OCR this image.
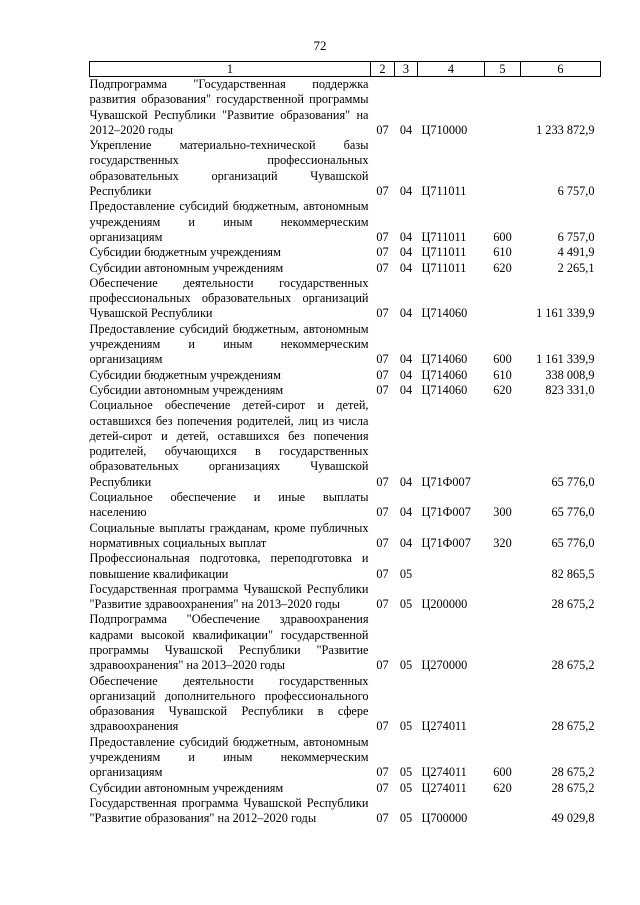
72
1	2	3	4	5	6
Подпрограмма "Государственная поддержка развития образования" государственной программы Чувашской Республики "Развитие образования" на 2012–2020 годы	07	04	Ц710000		1 233 872,9
Укрепление материально-технической базы государственных профессиональных образовательных организаций Чувашской Республики	07	04	Ц711011		6 757,0
Предоставление субсидий бюджетным, автономным учреждениям и иным некоммерческим организациям	07	04	Ц711011	600	6 757,0
Субсидии бюджетным учреждениям	07	04	Ц711011	610	4 491,9
Субсидии автономным учреждениям	07	04	Ц711011	620	2 265,1
Обеспечение деятельности государственных профессиональных образовательных организаций Чувашской Республики	07	04	Ц714060		1 161 339,9
Предоставление субсидий бюджетным, автономным учреждениям и иным некоммерческим организациям	07	04	Ц714060	600	1 161 339,9
Субсидии бюджетным учреждениям	07	04	Ц714060	610	338 008,9
Субсидии автономным учреждениям	07	04	Ц714060	620	823 331,0
Социальное обеспечение детей-сирот и детей, оставшихся без попечения родителей, лиц из числа детей-сирот и детей, оставшихся без попечения родителей, обучающихся в государственных образовательных организациях Чувашской Республики	07	04	Ц71Ф007		65 776,0
Социальное обеспечение и иные выплаты населению	07	04	Ц71Ф007	300	65 776,0
Социальные выплаты гражданам, кроме публичных нормативных социальных выплат	07	04	Ц71Ф007	320	65 776,0
Профессиональная подготовка, переподготовка и повышение квалификации	07	05			82 865,5
Государственная программа Чувашской Республики "Развитие здравоохранения" на 2013–2020 годы	07	05	Ц200000		28 675,2
Подпрограмма "Обеспечение здравоохранения кадрами высокой квалификации" государственной программы Чувашской Республики "Развитие здравоохранения" на 2013–2020 годы	07	05	Ц270000		28 675,2
Обеспечение деятельности государственных организаций дополнительного профессионального образования Чувашской Республики в сфере здравоохранения	07	05	Ц274011		28 675,2
Предоставление субсидий бюджетным, автономным учреждениям и иным некоммерческим организациям	07	05	Ц274011	600	28 675,2
Субсидии автономным учреждениям	07	05	Ц274011	620	28 675,2
Государственная программа Чувашской Республики "Развитие образования" на 2012–2020 годы	07	05	Ц700000		49 029,8
